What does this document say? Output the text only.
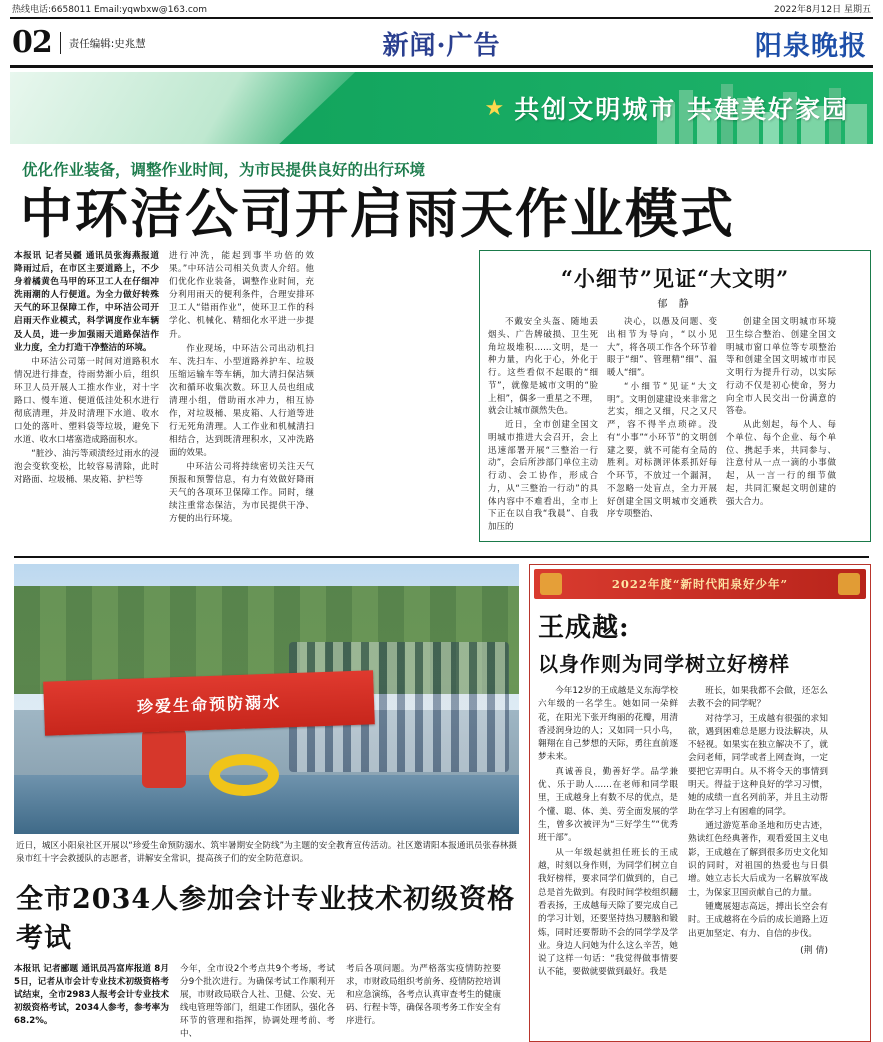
热线电话:6658011 Email:yqwbxw@163.com	2022年8月12日 星期五
02	责任编辑:史兆慧	新闻·广告	阳泉晚报
★ 共创文明城市 共建美好家园
优化作业装备，调整作业时间，为市民提供良好的出行环境
中环洁公司开启雨天作业模式

本报讯 记者吴疆 通讯员张海燕报道 降雨过后，在市区主要道路上，不少身着橘黄色马甲的环卫工人在仔细冲洗雨潮的人行便道。为全力做好转殊天气的环卫保障工作，中环洁公司开启雨天作业模式，科学调度作业车辆及人员，进一步加强雨天道路保洁作业力度，全力打造干净整洁的环境。

中环洁公司第一时间对道路积水情况进行排查，待雨势渐小后，组织环卫人员开展人工推水作业，对十字路口、慢车道、便道低洼处积水进行彻底清理，并及时清理下水道、收水口处的落叶、塑料袋等垃圾，避免下水道、收水口堵塞造成路面积水。

“脏沙、油污等顽渍经过雨水的浸泡会变软变松，比较容易清除，此时对路面、垃圾桶、果皮箱、护栏等

进行冲洗，能起到事半功倍的效果。”中环洁公司相关负责人介绍。他们优化作业装备，调整作业时间，充分利用雨天的便利条件，合理安排环卫工人“错雨作业”，使环卫工作的科学化、机械化、精细化水平进一步提升。

作业现场，中环洁公司出动机扫车、洗扫车、小型道路养护车、垃圾压缩运输车等车辆，加大清扫保洁频次和循环收集次数。环卫人员也组成清理小组，借助雨水冲力，相互协作，对垃圾桶、果皮箱、人行道等进行无死角清理。人工作业和机械清扫相结合，达到既清理积水，又冲洗路面的效果。

中环洁公司将持续密切关注天气预报和预警信息，有力有效做好降雨天气的各项环卫保障工作。同时，继续注重常态保洁，为市民提供干净、方便的出行环境。

“小细节”见证“大文明”
郁 静

不戴安全头盔、随地丢烟头、广告牌破损、卫生死角垃圾堆积……文明，是一种力量，内化于心，外化于行。这些看似不起眼的“细节”，就像是城市文明的“脸上相”，偶多一重星之不理，就会让城市颜然失色。

近日，全市创建全国文明城市推进大会召开，会上迅速部署开展“三整治一行动”，会后所涉部门单位主动行动、会工协作，形成合力，从“三整治一行动”的具体内容中不难看出，全市上下正在以自我“我晨”、自我加压的

决心，以愚及问题、变出相节为导向，“以小见大”，将各项工作各个环节着眼于“细”、管理精“细”、温暖人“细”。

“小细节”见证“大文明”。文明创建建设来非常之艺实，细之又细，尺之又尺严，容不得半点琐碎。没有“小事”“小环节”的文明创建之要，就不可能有全局的胜利。对标测评体系抓好每个环节，不放过一个漏洞，不忽略一处盲点，全力开展好创建全国文明城市交通秩序专项整治、

创建全国文明城市环境卫生综合整治、创建全国文明城市窗口单位等专项整治等和创建全国文明城市市民文明行为提升行动，以实际行动不仅是初心使命，努力向全市人民交出一份满意的答卷。

从此刻起，每个人、每个单位、每个企业、每个单位、携起手来，共同参与、注意付从一点一滴的小事做起，从一言一行的细节做起，共同汇聚起文明创建的强大合力。

珍爱生命预防溺水
本报通讯员张春林摄
近日，城区小阳泉社区开展以“珍爱生命预防溺水、筑牢暑期安全防线”为主题的安全教育宣传活动。社区邀请阳泉市红十字会救援队的志愿者，讲解安全常识，提高孩子们的安全防范意识。
全市2034人参加会计专业技术初级资格考试

本报讯 记者郦题 通讯员冯富库报道 8月5日，记者从市会计专业技术初级资格考试结束，全市2983人报考会计专业技术初级资格考试，2034人参考，参考率为68.2%。

今年，全市设2个考点共9个考场，考试分9个批次进行。为确保考试工作顺利开展，市财政局联合人社、卫健、公安、无线电管理等部门，组建工作团队，强化各环节的管理和指挥，协调处理考前、考中、

考后各项问题。为严格落实疫情防控要求，市财政局组织考前务、疫情防控培训和应急演练，各考点认真审查考生的健康码、行程卡等，确保各项考务工作安全有序进行。

2022年度“新时代阳泉好少年”
王成越:
以身作则为同学树立好榜样

今年12岁的王成越是义东海学校六年级的一名学生。她如同一朵鲜花，在阳光下张开绚丽的花瓣，用清香浸润身边的人；又如同一只小鸟，翱翔在自己梦想的天际，勇往直前逐梦未来。

真诚善良，勤善好学。品学兼优、乐于助人……在老师和同学眼里，王成越身上有数不尽的优点，是个懂、聪、体、美、劳全面发展的学生，曾多次被评为“三好学生”“优秀班干部”。

从一年级起就担任班长的王成越，时刻以身作则，为同学们树立自我好榜样，要求同学们做到的，自己总是首先做到。有段时间学校组织翻看表扬，王成越每天除了要完成自己的学习计划，还要坚持热习腰脑和锻炼，同时还要帮助不会的同学学及学业。身边人问她为什么这么辛苦，她说了这样一句话：“我觉得做事情要认不能，要做就要做到最好。我是

班长，如果我都不会做，还怎么去教不会的同学呢？

对待学习，王成越有很强的求知欲，遇到困难总是愿力设法解决，从不轻视。如果实在独立解决不了，就会问老师，同学或者上网查询，一定要把它弄明白。从不将令天的事情到明天。得益于这种良好的学习习惯，她的成绩一直名列前茅，并且主动帮助在学习上有困难的同学。

通过游览革命圣地和历史古迹，熟读红色经典著作，观看爱国主义电影，王成越在了解到很多历史文化知识的同时，对祖国的热爱也与日俱增。她立志长大后成为一名解放军战士，为保家卫国贡献自己的力量。

锺鹰展翅志高远，搏出长空会有时。王成越将在今后的成长道路上迈出更加坚定、有力、自信的步伐。

(荆 倩)
